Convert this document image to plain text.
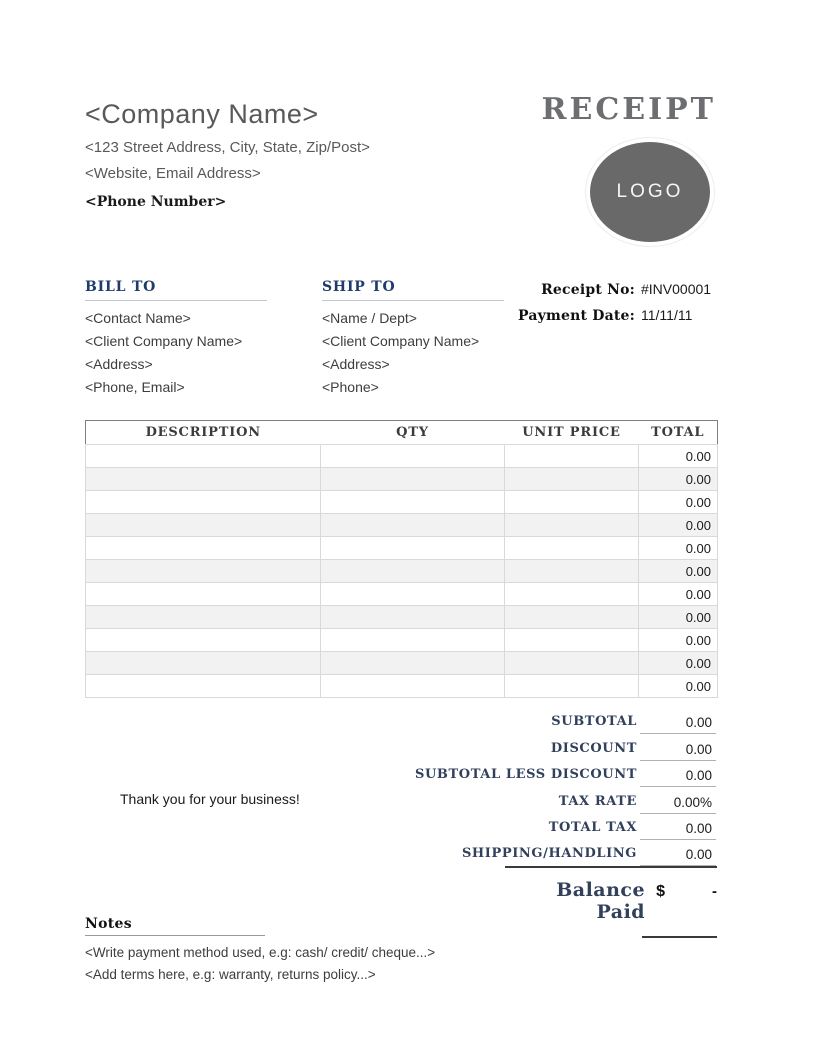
<Company Name>
<123 Street Address, City, State, Zip/Post>
<Website, Email Address>
<Phone Number>
RECEIPT
LOGO
BILL TO
<Contact Name>
<Client Company Name>
<Address>
<Phone, Email>
SHIP TO
<Name / Dept>
<Client Company Name>
<Address>
<Phone>
Receipt No: #INV00001
Payment Date: 11/11/11
DESCRIPTION	QTY	UNIT PRICE	TOTAL
			0.00
			0.00
			0.00
			0.00
			0.00
			0.00
			0.00
			0.00
			0.00
			0.00
			0.00
SUBTOTAL	0.00
DISCOUNT	0.00
SUBTOTAL LESS DISCOUNT	0.00
TAX RATE	0.00%
TOTAL TAX	0.00
SHIPPING/HANDLING	0.00
Balance Paid
$	-
Thank you for your business!
Notes
<Write payment method used, e.g: cash/ credit/ cheque...>
<Add terms here, e.g: warranty, returns policy...>
